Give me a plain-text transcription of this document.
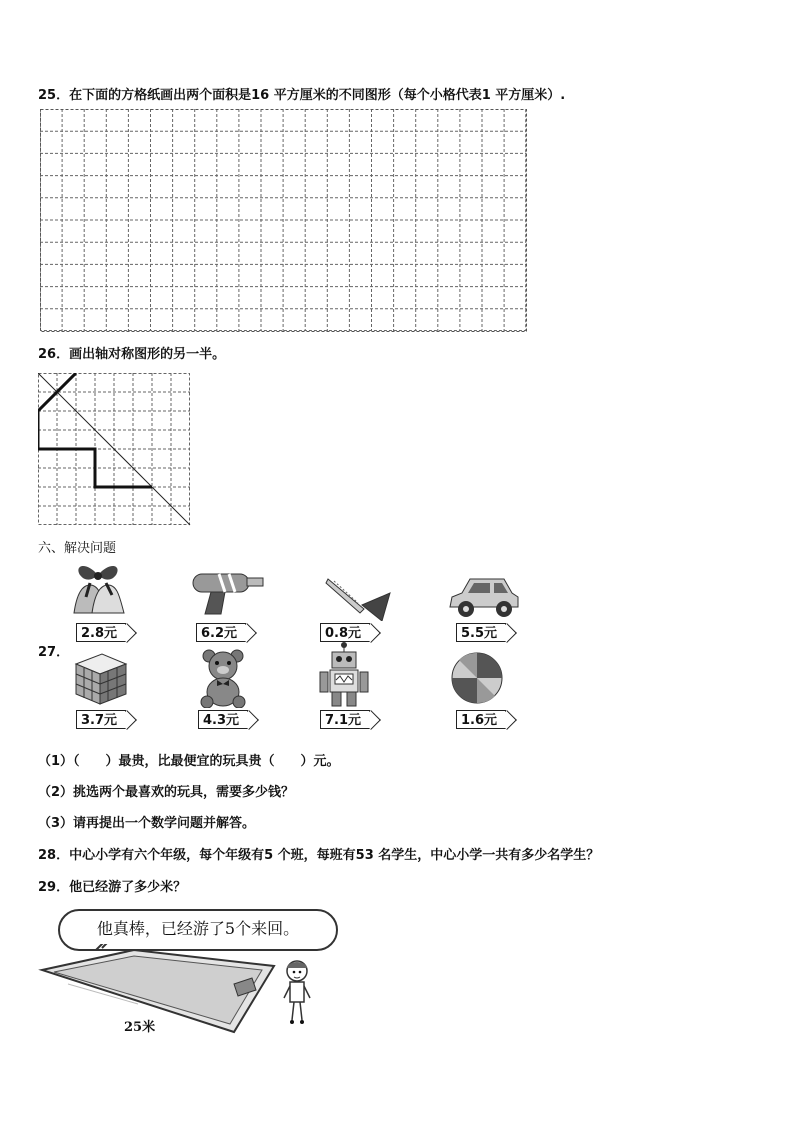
25．在下面的方格纸画出两个面积是16 平方厘米的不同图形（每个小格代表1 平方厘米）.
26．画出轴对称图形的另一半。
六、解决问题
27．
2.8元	6.2元	0.8元	5.5元
3.7元	4.3元	7.1元	1.6元
（1）（　　）最贵，比最便宜的玩具贵（　　）元。
（2）挑选两个最喜欢的玩具，需要多少钱？
（3）请再提出一个数学问题并解答。
28．中心小学有六个年级，每个年级有5 个班，每班有53 名学生，中心小学一共有多少名学生？
29．他已经游了多少米？
他真棒，已经游了5个来回。
25米
